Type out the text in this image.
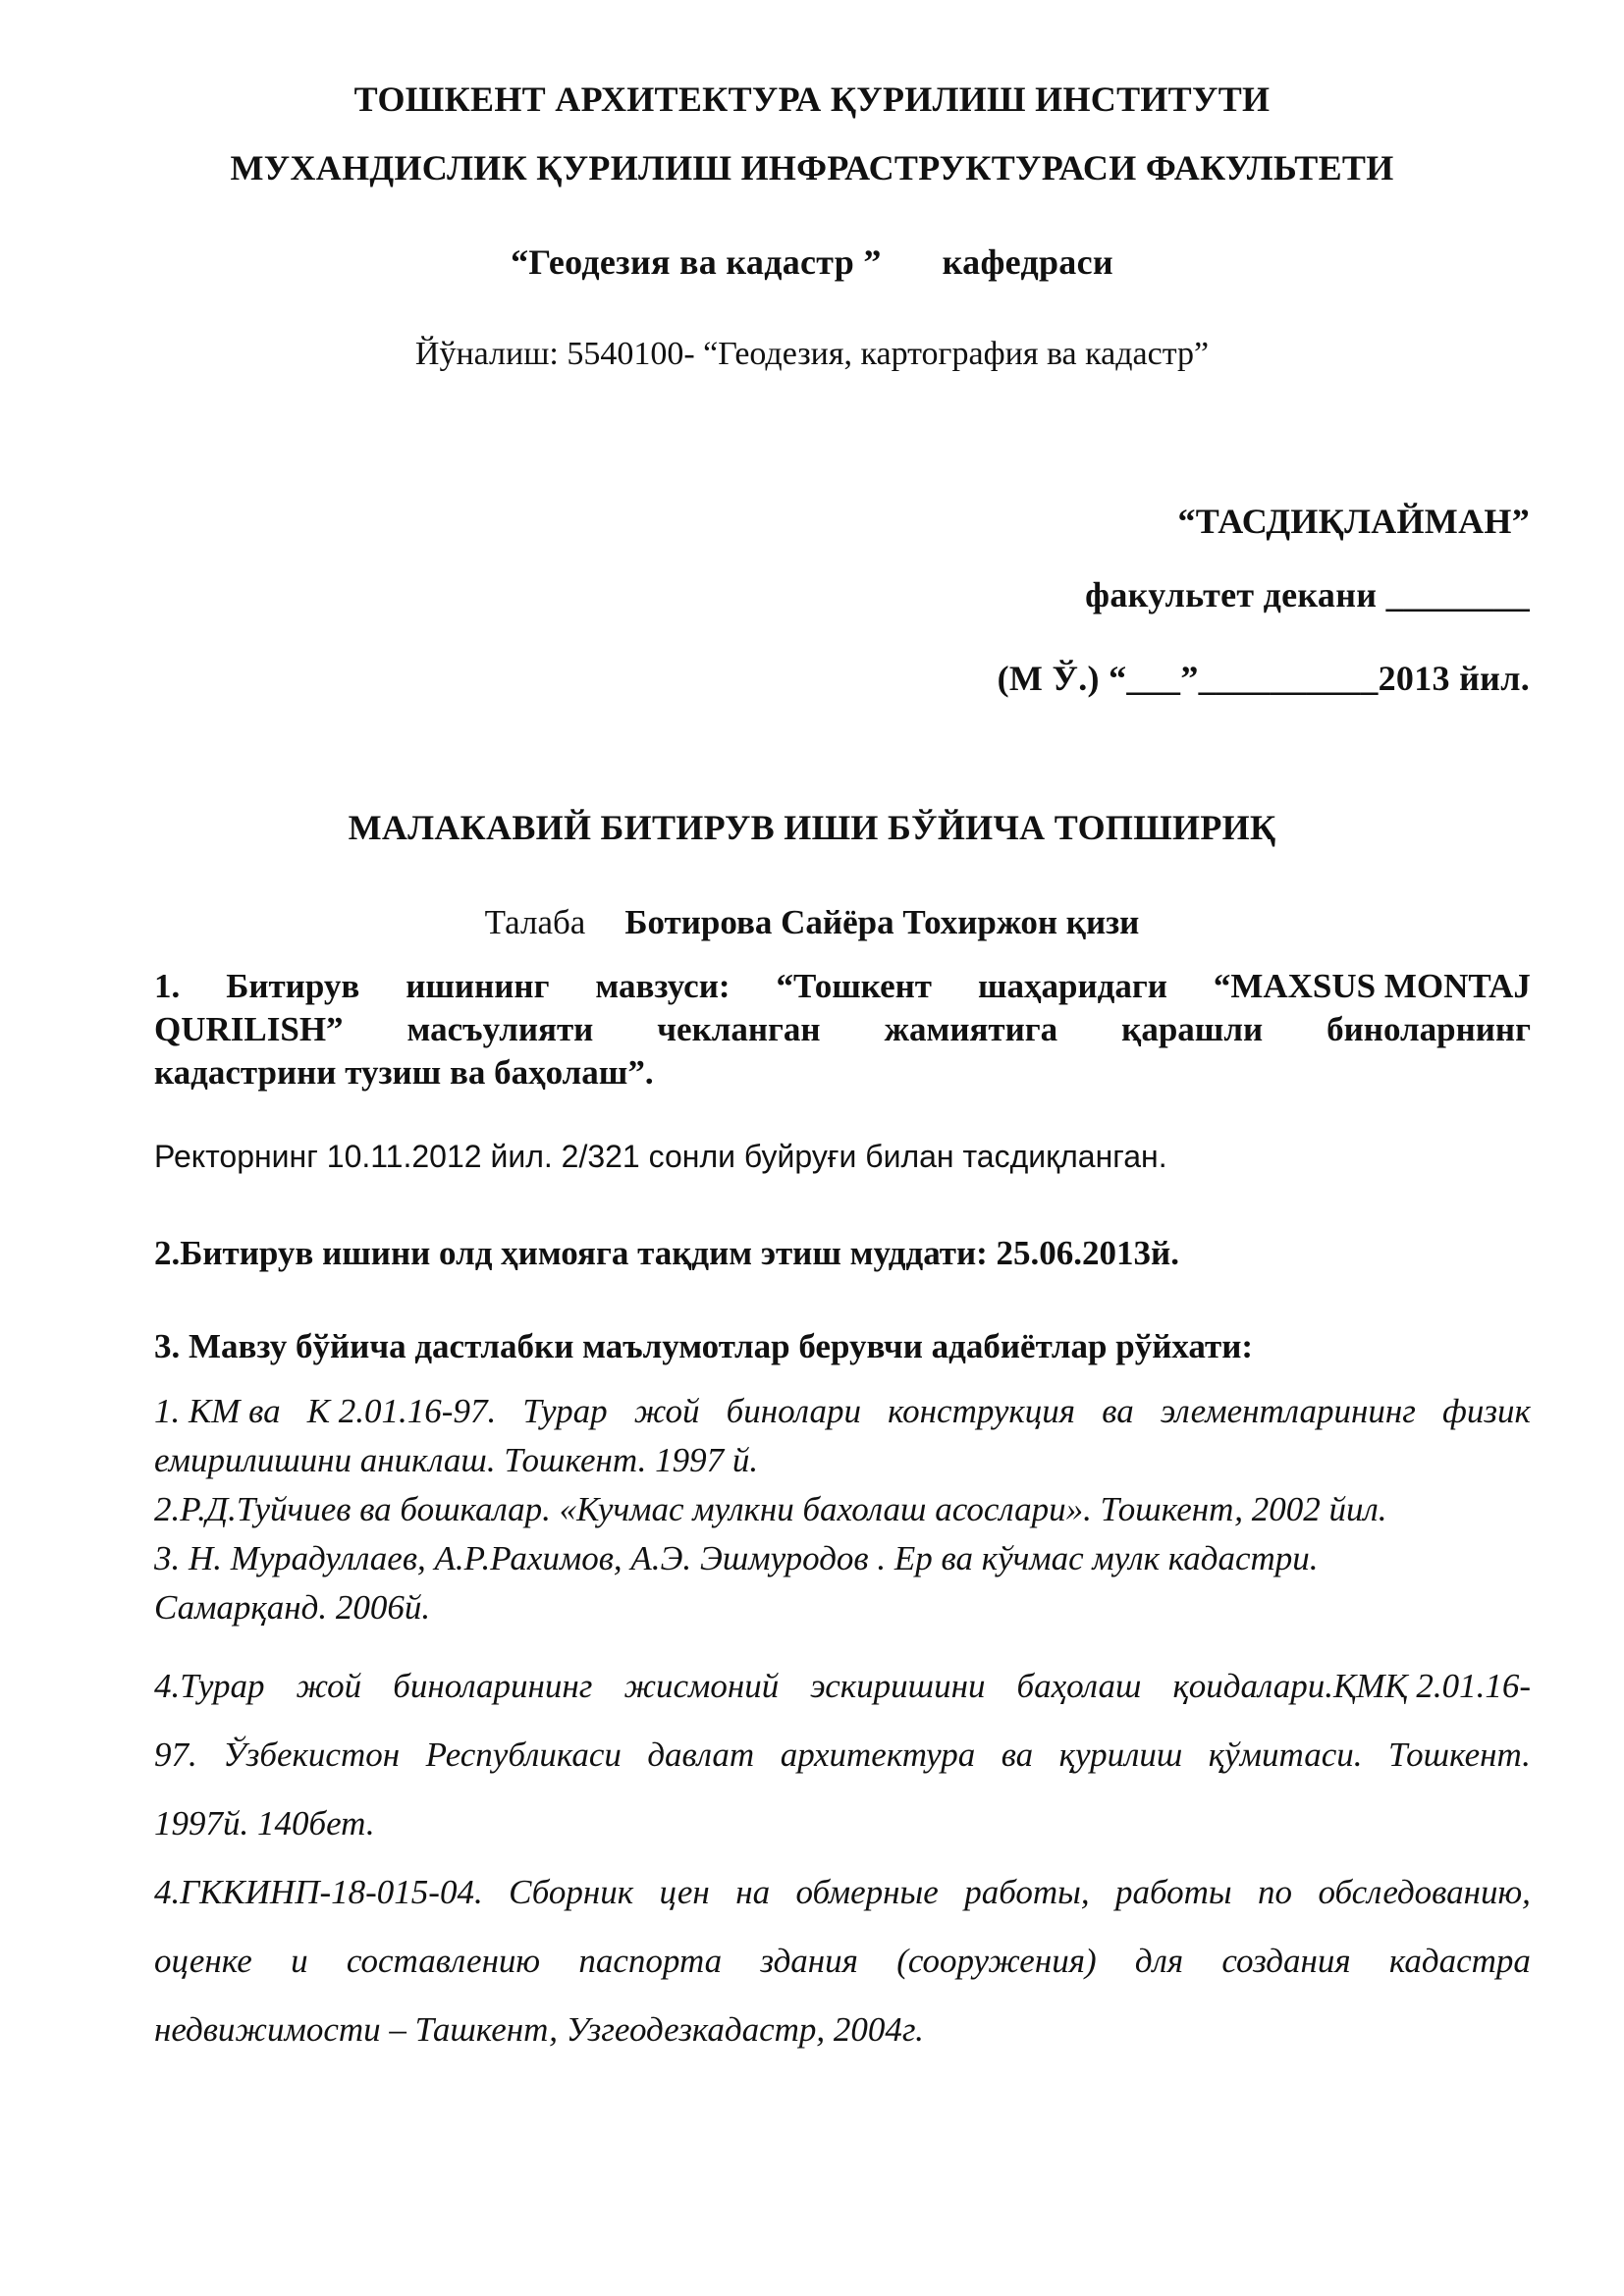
ТОШКЕНТ АРХИТЕКТУРА ҚУРИЛИШ ИНСТИТУТИ
МУХАНДИСЛИК ҚУРИЛИШ ИНФРАСТРУКТУРАСИ ФАКУЛЬТЕТИ
“Геодезия ва кадастр ” кафедраси
Йўналиш: 5540100- “Геодезия, картография ва кадастр”
“ТАСДИҚЛАЙМАН”
факультет декани ________
(М Ў.) “___”__________2013 йил.
МАЛАКАВИЙ БИТИРУВ ИШИ БЎЙИЧА ТОПШИРИҚ
Талаба Ботирова Сайёра Тохиржон қизи
1. Битирув ишининг мавзуси: “Тошкент шаҳаридаги “MAXSUS MONTAJ
QURILISH” масъулияти чекланган жамиятига қарашли биноларнинг
кадастрини тузиш ва баҳолаш”.
Ректорнинг 10.11.2012 йил. 2/321 сонли буйруғи билан тасдиқланган.
2.Битирув ишини олд ҳимояга тақдим этиш муддати: 25.06.2013й.
3. Мавзу бўйича дастлабки маълумотлар берувчи адабиётлар рўйхати:
1. КМ ва К 2.01.16-97. Турар жой бинолари конструкция ва элементларининг физик
емирилишини аниклаш. Тошкент. 1997 й.
2.Р.Д.Туйчиев ва бошкалар. «Кучмас мулкни бахолаш асослари». Тошкент, 2002 йил.
3. Н. Мурадуллаев, А.Р.Рахимов, А.Э. Эшмуродов . Ер ва кўчмас мулк кадастри.
Самарқанд. 2006й.
4.Турар жой биноларининг жисмоний эскиришини баҳолаш қоидалари.ҚМҚ 2.01.16-
97. Ўзбекистон Республикаси давлат архитектура ва қурилиш қўмитаси. Тошкент.
1997й. 140бет.
4.ГККИНП-18-015-04. Сборник цен на обмерные работы, работы по обследованию,
оценке и составлению паспорта здания (сооружения) для создания кадастра
недвижимости – Ташкент, Узгеодезкадастр, 2004г.
